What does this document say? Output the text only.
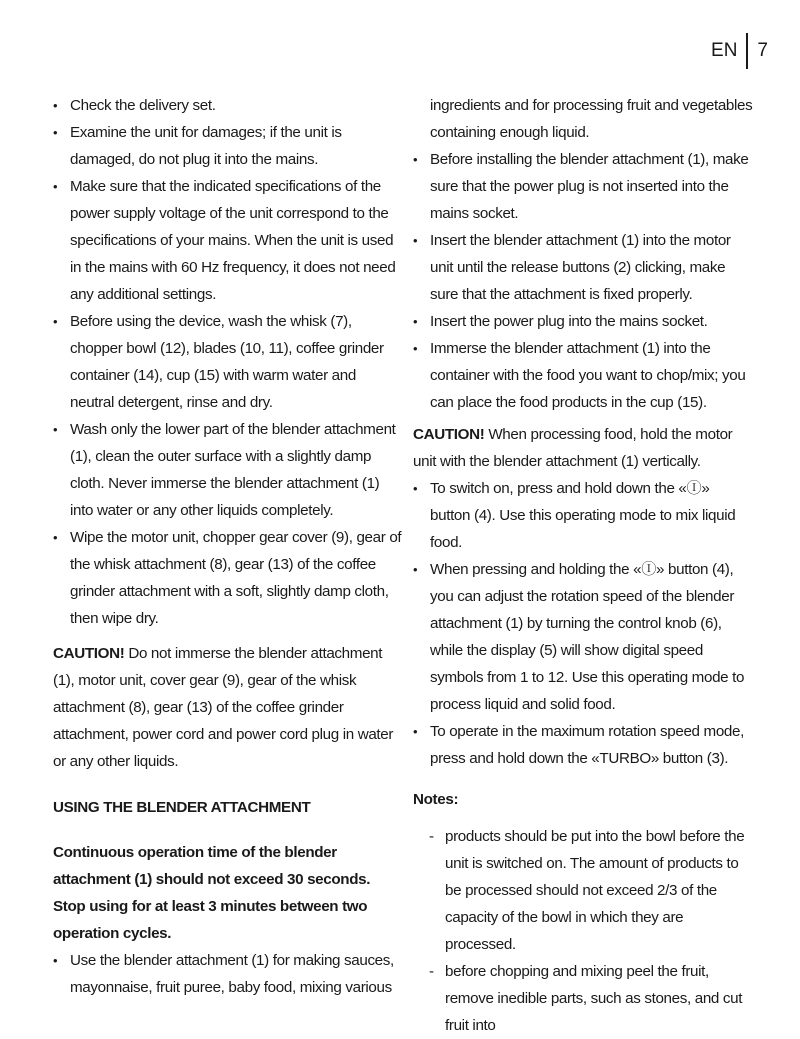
EN	7
• Check the delivery set.
• Examine the unit for damages; if the unit is damaged, do not plug it into the mains.
• Make sure that the indicated specifications of the power supply voltage of the unit correspond to the specifications of your mains. When the unit is used in the mains with 60 Hz frequency, it does not need any additional settings.
• Before using the device, wash the whisk (7), chopper bowl (12), blades (10, 11), coffee grinder container (14), cup (15) with warm water and neutral detergent, rinse and dry.
• Wash only the lower part of the blender attachment (1), clean the outer surface with a slightly damp cloth. Never immerse the blender attachment (1) into water or any other liquids completely.
• Wipe the motor unit, chopper gear cover (9), gear of the whisk attachment (8), gear (13) of the coffee grinder attachment with a soft, slightly damp cloth, then wipe dry.

CAUTION! Do not immerse the blender attachment (1), motor unit, cover gear (9), gear of the whisk attachment (8), gear (13) of the coffee grinder attachment, power cord and power cord plug in water or any other liquids.

USING THE BLENDER ATTACHMENT

Continuous operation time of the blender attachment (1) should not exceed 30 seconds. Stop using for at least 3 minutes between two operation cycles.

• Use the blender attachment (1) for making sauces, mayonnaise, fruit puree, baby food, mixing various

ingredients and for processing fruit and vegetables containing enough liquid.

• Before installing the blender attachment (1), make sure that the power plug is not inserted into the mains socket.
• Insert the blender attachment (1) into the motor unit until the release buttons (2) clicking, make sure that the attachment is fixed properly.
• Insert the power plug into the mains socket.
• Immerse the blender attachment (1) into the container with the food you want to chop/mix; you can place the food products in the cup (15).

CAUTION! When processing food, hold the motor unit with the blender attachment (1) vertically.

• To switch on, press and hold down the «Ⓘ» button (4). Use this operating mode to mix liquid food.
• When pressing and holding the «Ⓘ» button (4), you can adjust the rotation speed of the blender attachment (1) by turning the control knob (6), while the display (5) will show digital speed symbols from 1 to 12. Use this operating mode to process liquid and solid food.
• To operate in the maximum rotation speed mode, press and hold down the «TURBO» button (3).

Notes:

- products should be put into the bowl before the unit is switched on. The amount of products to be processed should not exceed 2/3 of the capacity of the bowl in which they are processed.
- before chopping and mixing peel the fruit, remove inedible parts, such as stones, and cut fruit into
